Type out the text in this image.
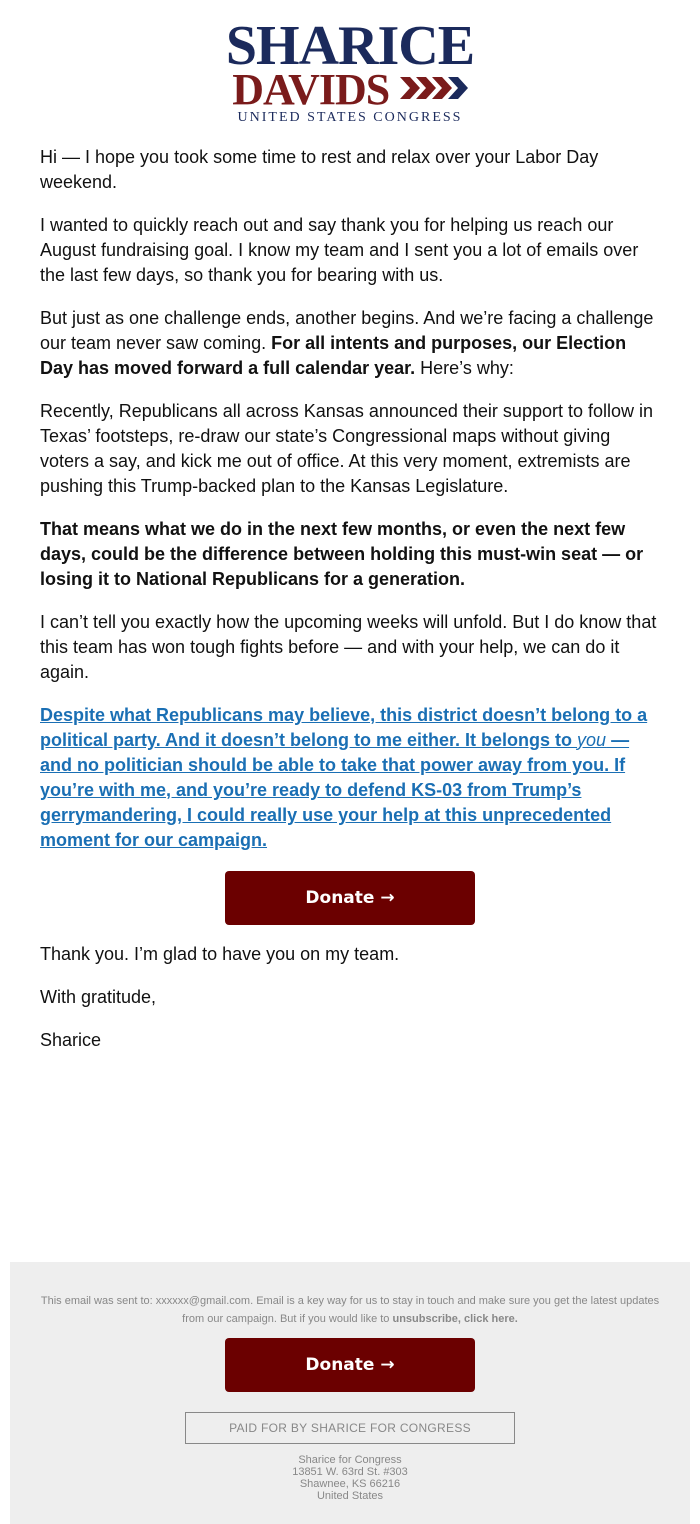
SHARICE
DAVIDS
UNITED STATES CONGRESS

Hi — I hope you took some time to rest and relax over your Labor Day weekend.

I wanted to quickly reach out and say thank you for helping us reach our August fundraising goal. I know my team and I sent you a lot of emails over the last few days, so thank you for bearing with us.

But just as one challenge ends, another begins. And we’re facing a challenge our team never saw coming. For all intents and purposes, our Election Day has moved forward a full calendar year. Here’s why:

Recently, Republicans all across Kansas announced their support to follow in Texas’ footsteps, re-draw our state’s Congressional maps without giving voters a say, and kick me out of office. At this very moment, extremists are pushing this Trump-backed plan to the Kansas Legislature.

That means what we do in the next few months, or even the next few days, could be the difference between holding this must-win seat — or losing it to National Republicans for a generation.

I can’t tell you exactly how the upcoming weeks will unfold. But I do know that this team has won tough fights before — and with your help, we can do it again.

Despite what Republicans may believe, this district doesn’t belong to a political party. And it doesn’t belong to me either. It belongs to you — and no politician should be able to take that power away from you. If you’re with me, and you’re ready to defend KS-03 from Trump’s gerrymandering, I could really use your help at this unprecedented moment for our campaign.

Donate →

Thank you. I’m glad to have you on my team.

With gratitude,

Sharice

This email was sent to: xxxxxx@gmail.com. Email is a key way for us to stay in touch and make sure you get the latest updates from our campaign. But if you would like to unsubscribe, click here.
Donate →
PAID FOR BY SHARICE FOR CONGRESS
Sharice for Congress
13851 W. 63rd St. #303
Shawnee, KS 66216
United States
